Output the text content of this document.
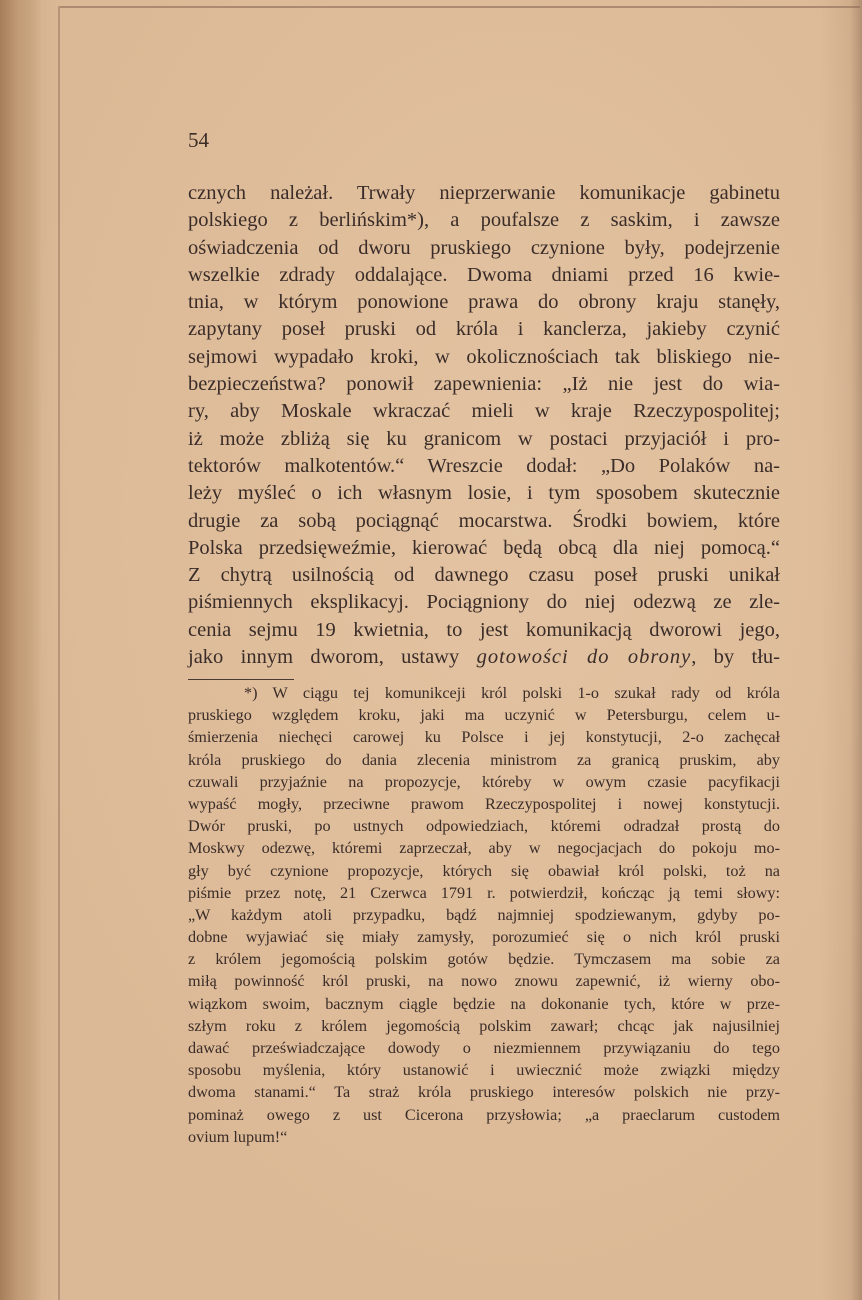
54
cznych należał. Trwały nieprzerwanie komunikacje gabinetu
polskiego z berlińskim*), a poufalsze z saskim, i zawsze
oświadczenia od dworu pruskiego czynione były, podejrzenie
wszelkie zdrady oddalające. Dwoma dniami przed 16 kwie-
tnia, w którym ponowione prawa do obrony kraju stanęły,
zapytany poseł pruski od króla i kanclerza, jakieby czynić
sejmowi wypadało kroki, w okolicznościach tak bliskiego nie-
bezpieczeństwa? ponowił zapewnienia: „Iż nie jest do wia-
ry, aby Moskale wkraczać mieli w kraje Rzeczypospolitej;
iż może zbliżą się ku granicom w postaci przyjaciół i pro-
tektorów malkotentów.“ Wreszcie dodał: „Do Polaków na-
leży myśleć o ich własnym losie, i tym sposobem skutecznie
drugie za sobą pociągnąć mocarstwa. Środki bowiem, które
Polska przedsięweźmie, kierować będą obcą dla niej pomocą.“
Z chytrą usilnością od dawnego czasu poseł pruski unikał
piśmiennych eksplikacyj. Pociągniony do niej odezwą ze zle-
cenia sejmu 19 kwietnia, to jest komunikacją dworowi jego,
jako innym dworom, ustawy gotowości do obrony, by tłu-
*) W ciągu tej komunikceji król polski 1-o szukał rady od króla
pruskiego względem kroku, jaki ma uczynić w Petersburgu, celem u-
śmierzenia niechęci carowej ku Polsce i jej konstytucji, 2-o zachęcał
króla pruskiego do dania zlecenia ministrom za granicą pruskim, aby
czuwali przyjaźnie na propozycje, któreby w owym czasie pacyfikacji
wypaść mogły, przeciwne prawom Rzeczypospolitej i nowej konstytucji.
Dwór pruski, po ustnych odpowiedziach, któremi odradzał prostą do
Moskwy odezwę, któremi zaprzeczał, aby w negocjacjach do pokoju mo-
gły być czynione propozycje, których się obawiał król polski, toż na
piśmie przez notę, 21 Czerwca 1791 r. potwierdził, kończąc ją temi słowy:
„W każdym atoli przypadku, bądź najmniej spodziewanym, gdyby po-
dobne wyjawiać się miały zamysły, porozumieć się o nich król pruski
z królem jegomością polskim gotów będzie. Tymczasem ma sobie za
miłą powinność król pruski, na nowo znowu zapewnić, iż wierny obo-
wiązkom swoim, bacznym ciągle będzie na dokonanie tych, które w prze-
szłym roku z królem jegomością polskim zawarł; chcąc jak najusilniej
dawać przeświadczające dowody o niezmiennem przywiązaniu do tego
sposobu myślenia, który ustanowić i uwiecznić może związki między
dwoma stanami.“ Ta straż króla pruskiego interesów polskich nie przy-
pominaż owego z ust Cicerona przysłowia; „a praeclarum custodem
ovium lupum!“
